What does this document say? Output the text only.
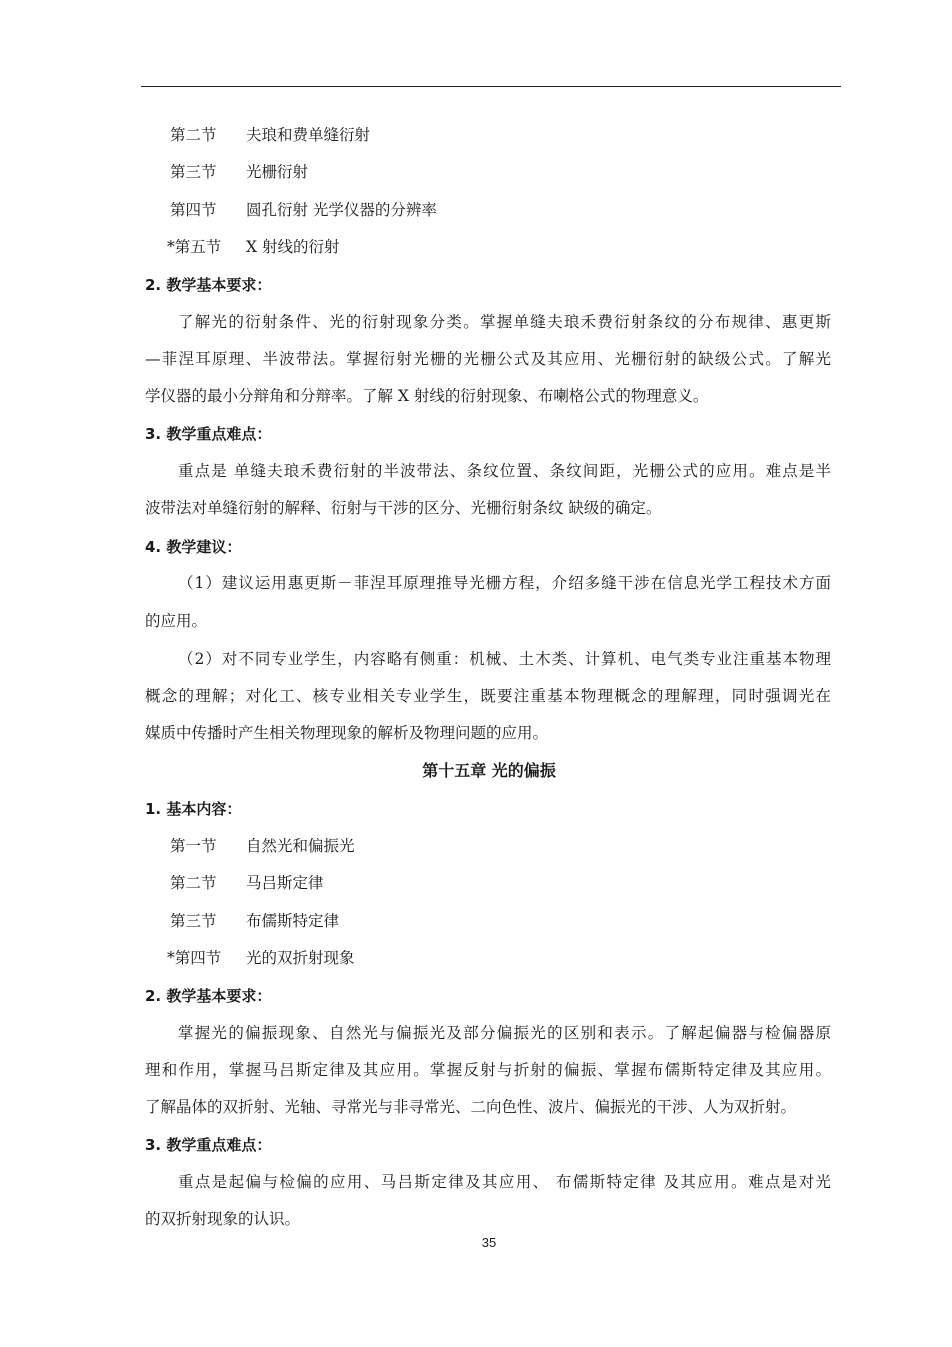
第二节 夫琅和费单缝衍射
第三节 光栅衍射
第四节 圆孔衍射 光学仪器的分辨率
*第五节 X 射线的衍射
2. 教学基本要求：
了解光的衍射条件、光的衍射现象分类。掌握单缝夫琅禾费衍射条纹的分布规律、惠更斯
—菲涅耳原理、半波带法。掌握衍射光栅的光栅公式及其应用、光栅衍射的缺级公式。了解光
学仪器的最小分辩角和分辩率。了解 X 射线的衍射现象、布喇格公式的物理意义。
3. 教学重点难点：
重点是 单缝夫琅禾费衍射的半波带法、条纹位置、条纹间距，光栅公式的应用。难点是半
波带法对单缝衍射的解释、衍射与干涉的区分、光栅衍射条纹 缺级的确定。
4. 教学建议：
（1）建议运用惠更斯－菲涅耳原理推导光栅方程，介绍多缝干涉在信息光学工程技术方面
的应用。
（2）对不同专业学生，内容略有侧重：机械、土木类、计算机、电气类专业注重基本物理
概念的理解；对化工、核专业相关专业学生，既要注重基本物理概念的理解理，同时强调光在
媒质中传播时产生相关物理现象的解析及物理问题的应用。
第十五章 光的偏振
1. 基本内容：
第一节 自然光和偏振光
第二节 马吕斯定律
第三节 布儒斯特定律
*第四节 光的双折射现象
2. 教学基本要求：
掌握光的偏振现象、自然光与偏振光及部分偏振光的区别和表示。了解起偏器与检偏器原
理和作用，掌握马吕斯定律及其应用。掌握反射与折射的偏振、掌握布儒斯特定律及其应用。
了解晶体的双折射、光轴、寻常光与非寻常光、二向色性、波片、偏振光的干涉、人为双折射。
3. 教学重点难点：
重点是起偏与检偏的应用、马吕斯定律及其应用、 布儒斯特定律 及其应用。难点是对光
的双折射现象的认识。
35
